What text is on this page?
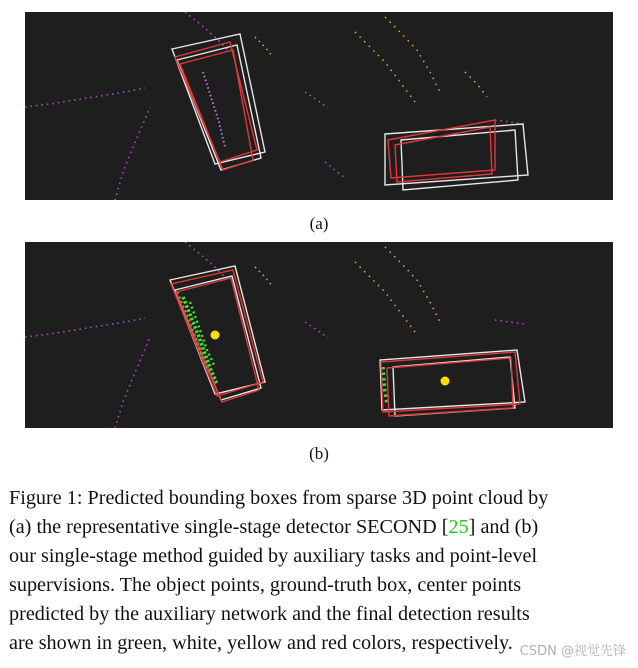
(a)
(b)
Figure 1: Predicted bounding boxes from sparse 3D point cloud by
(a) the representative single-stage detector SECOND [25] and (b)
our single-stage method guided by auxiliary tasks and point-level
supervisions. The object points, ground-truth box, center points
predicted by the auxiliary network and the final detection results
are shown in green, white, yellow and red colors, respectively. CSDN @视觉先锋
